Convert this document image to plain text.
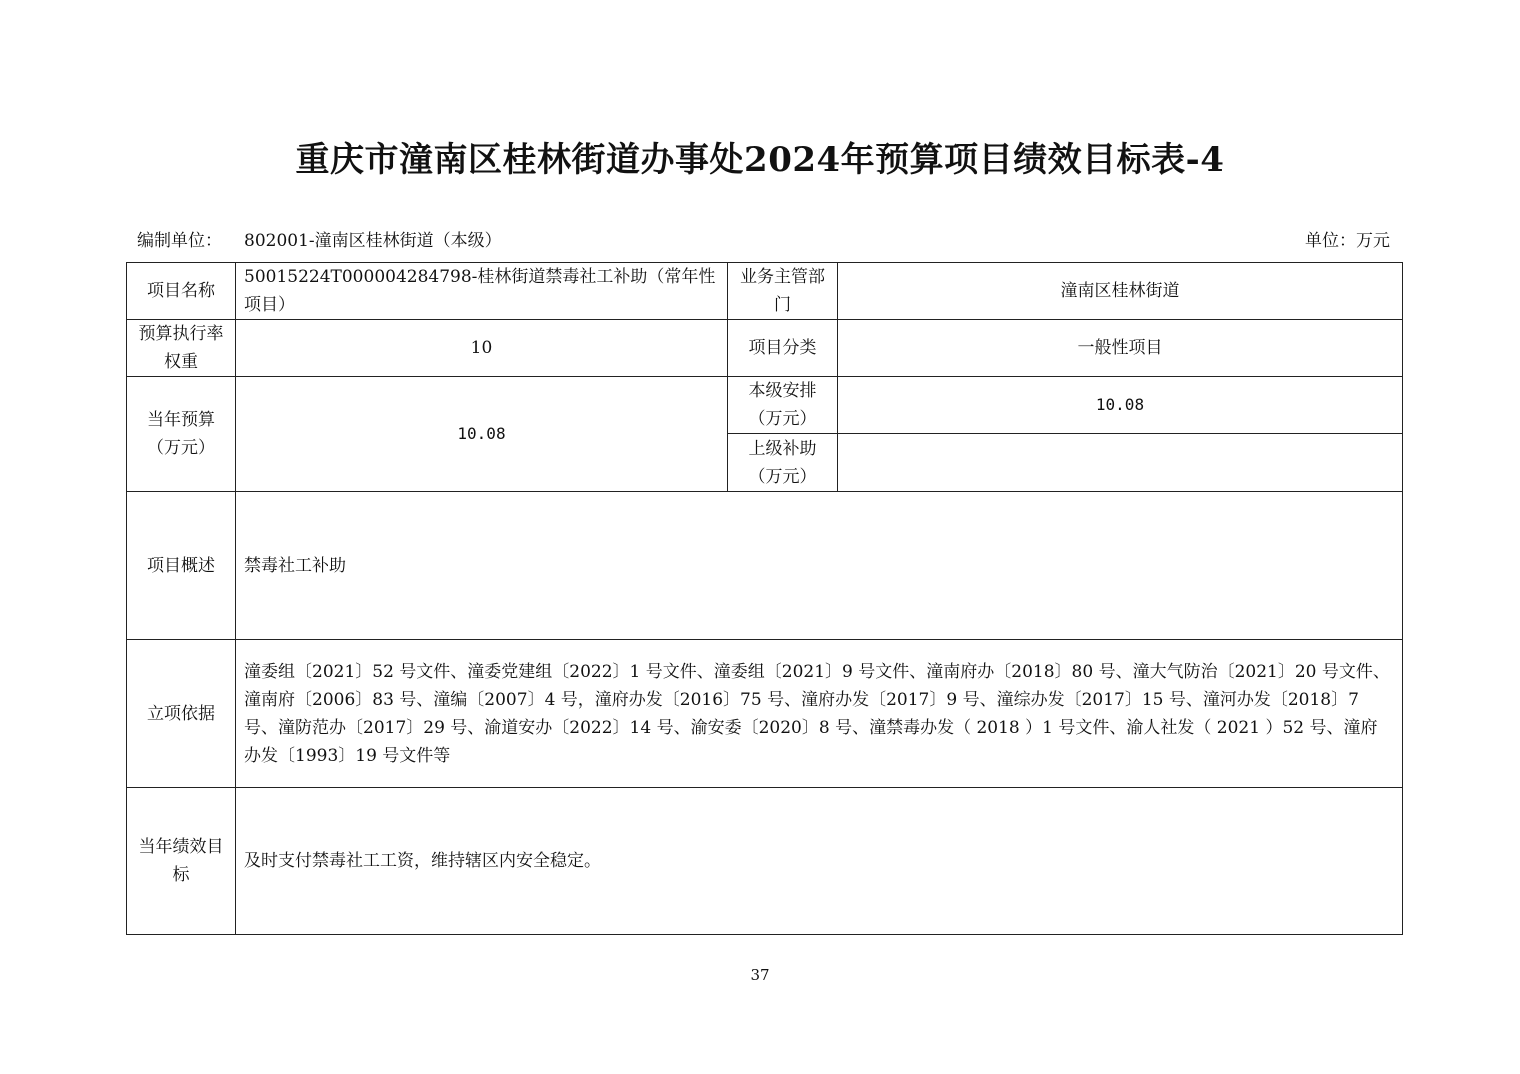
重庆市潼南区桂林街道办事处2024年预算项目绩效目标表-4
编制单位： 802001-潼南区桂林街道（本级）	单位：万元
项目名称	50015224T000004284798-桂林街道禁毒社工补助（常年性项目）	业务主管部门	潼南区桂林街道
预算执行率权重	10	项目分类	一般性项目
当年预算（万元）	10.08	本级安排（万元）	10.08
		上级补助（万元）	
项目概述	禁毒社工补助		
立项依据	潼委组〔2021〕52 号文件、潼委党建组〔2022〕1 号文件、潼委组〔2021〕9 号文件、潼南府办〔2018〕80 号、潼大气防治〔2021〕20 号文件、潼南府〔2006〕83 号、潼编〔2007〕4 号，潼府办发〔2016〕75 号、潼府办发〔2017〕9 号、潼综办发〔2017〕15 号、潼河办发〔2018〕7 号、潼防范办〔2017〕29 号、渝道安办〔2022〕14 号、渝安委〔2020〕8 号、潼禁毒办发（ 2018 ）1 号文件、渝人社发（ 2021 ）52 号、潼府办发〔1993〕19 号文件等		
当年绩效目标	及时支付禁毒社工工资，维持辖区内安全稳定。		
37
